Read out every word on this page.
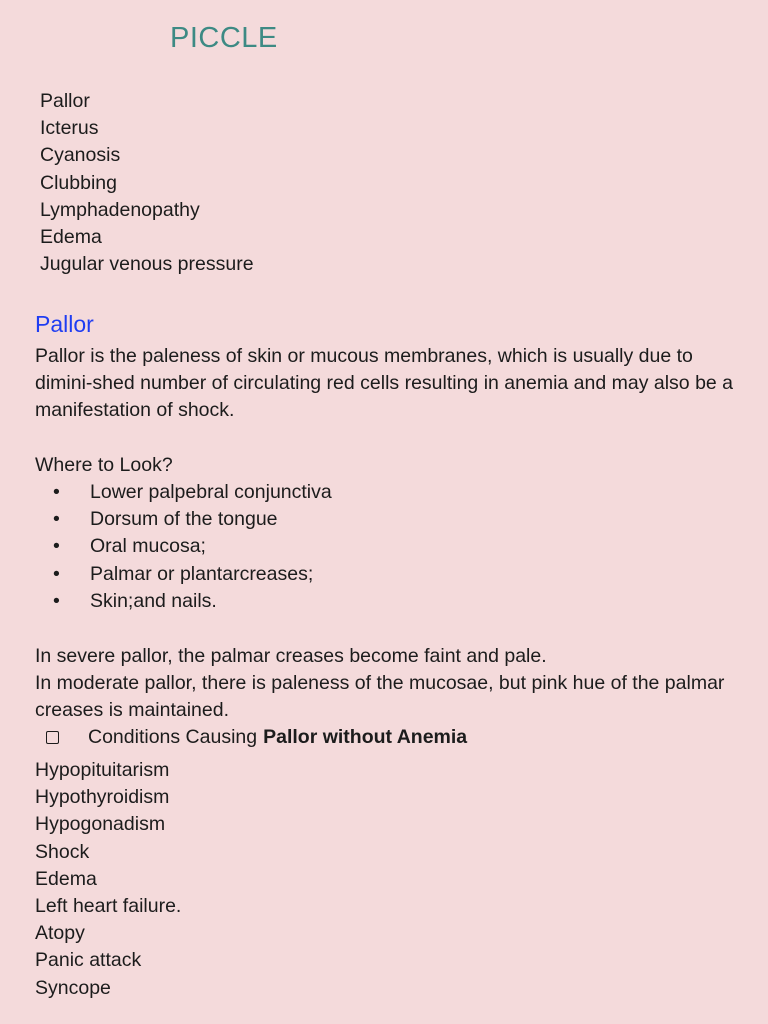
PICCLE
Pallor
Icterus
Cyanosis
Clubbing
Lymphadenopathy
Edema
Jugular venous pressure
Pallor

Pallor is the paleness of skin or mucous membranes, which is usually due to dimini-shed number of circulating red cells resulting in anemia and may also be a manifestation of shock.

Where to Look?

• Lower palpebral conjunctiva
• Dorsum of the tongue
• Oral mucosa;
• Palmar or plantarcreases;
• Skin;and nails.

In severe pallor, the palmar creases become faint and pale.

In moderate pallor, there is paleness of the mucosae, but pink hue of the palmar creases is maintained.

Conditions Causing Pallor without Anemia
Hypopituitarism
Hypothyroidism
Hypogonadism
Shock
Edema
Left heart failure.
Atopy
Panic attack
Syncope
